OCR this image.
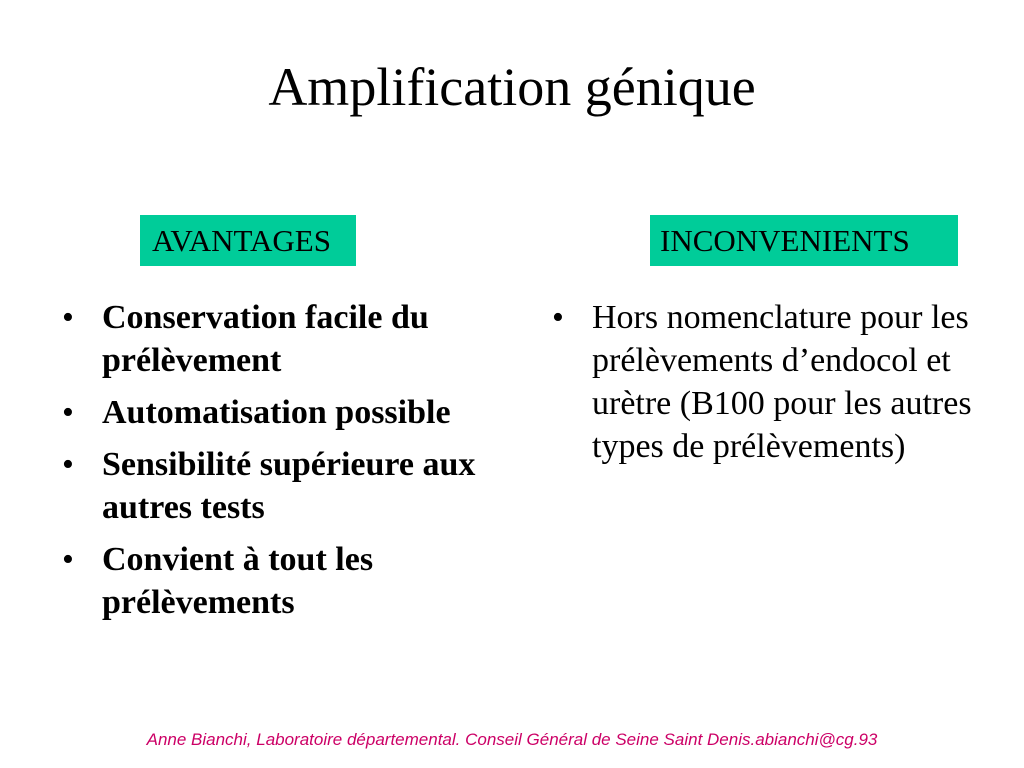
Amplification génique
AVANTAGES	INCONVENIENTS
• Conservation facile du prélèvement
• Automatisation possible
• Sensibilité supérieure aux autres tests
• Convient à tout les prélèvements
• Hors nomenclature pour les prélèvements d’endocol et urètre (B100 pour les autres types de prélèvements)
Anne Bianchi, Laboratoire départemental. Conseil Général de Seine Saint Denis.abianchi@cg.93
